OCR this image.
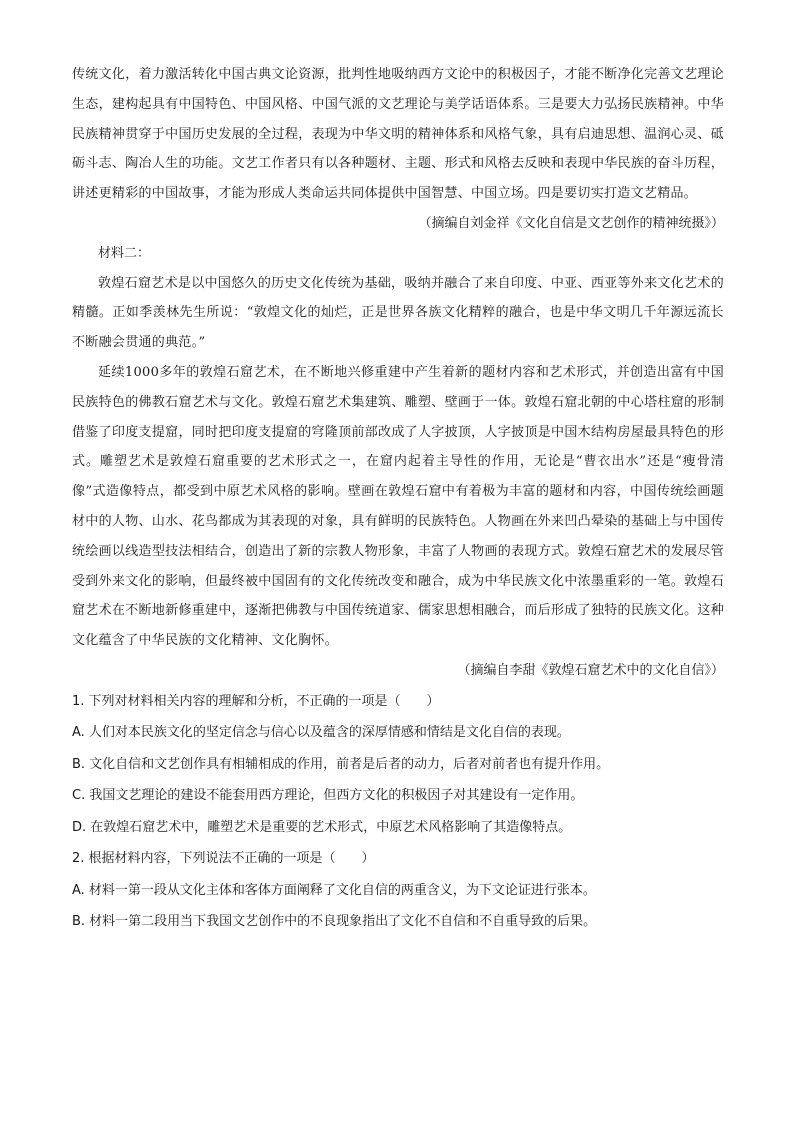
传统文化，着力激活转化中国古典文论资源，批判性地吸纳西方文论中的积极因子，才能不断净化完善文艺理论生态，建构起具有中国特色、中国风格、中国气派的文艺理论与美学话语体系。三是要大力弘扬民族精神。中华民族精神贯穿于中国历史发展的全过程，表现为中华文明的精神体系和风格气象，具有启迪思想、温润心灵、砥砺斗志、陶冶人生的功能。文艺工作者只有以各种题材、主题、形式和风格去反映和表现中华民族的奋斗历程，讲述更精彩的中国故事，才能为形成人类命运共同体提供中国智慧、中国立场。四是要切实打造文艺精品。

（摘编自刘金祥《文化自信是文艺创作的精神统摄》）

材料二：

敦煌石窟艺术是以中国悠久的历史文化传统为基础，吸纳并融合了来自印度、中亚、西亚等外来文化艺术的精髓。正如季羡林先生所说：“敦煌文化的灿烂，正是世界各族文化精粹的融合，也是中华文明几千年源远流长不断融会贯通的典范。”

延续1000多年的敦煌石窟艺术，在不断地兴修重建中产生着新的题材内容和艺术形式，并创造出富有中国民族特色的佛教石窟艺术与文化。敦煌石窟艺术集建筑、雕塑、壁画于一体。敦煌石窟北朝的中心塔柱窟的形制借鉴了印度支提窟，同时把印度支提窟的穹隆顶前部改成了人字披顶，人字披顶是中国木结构房屋最具特色的形式。雕塑艺术是敦煌石窟重要的艺术形式之一，在窟内起着主导性的作用，无论是“曹衣出水”还是“瘦骨清像”式造像特点，都受到中原艺术风格的影响。壁画在敦煌石窟中有着极为丰富的题材和内容，中国传统绘画题材中的人物、山水、花鸟都成为其表现的对象，具有鲜明的民族特色。人物画在外来凹凸晕染的基础上与中国传统绘画以线造型技法相结合，创造出了新的宗教人物形象，丰富了人物画的表现方式。敦煌石窟艺术的发展尽管受到外来文化的影响，但最终被中国固有的文化传统改变和融合，成为中华民族文化中浓墨重彩的一笔。敦煌石窟艺术在不断地新修重建中，逐渐把佛教与中国传统道家、儒家思想相融合，而后形成了独特的民族文化。这种文化蕴含了中华民族的文化精神、文化胸怀。

（摘编自李甜《敦煌石窟艺术中的文化自信》）

1. 下列对材料相关内容的理解和分析，不正确的一项是（　　）

A. 人们对本民族文化的坚定信念与信心以及蕴含的深厚情感和情结是文化自信的表现。

B. 文化自信和文艺创作具有相辅相成的作用，前者是后者的动力，后者对前者也有提升作用。

C. 我国文艺理论的建设不能套用西方理论，但西方文化的积极因子对其建设有一定作用。

D. 在敦煌石窟艺术中，雕塑艺术是重要的艺术形式，中原艺术风格影响了其造像特点。

2. 根据材料内容，下列说法不正确的一项是（　　）

A. 材料一第一段从文化主体和客体方面阐释了文化自信的两重含义，为下文论证进行张本。

B. 材料一第二段用当下我国文艺创作中的不良现象指出了文化不自信和不自重导致的后果。
